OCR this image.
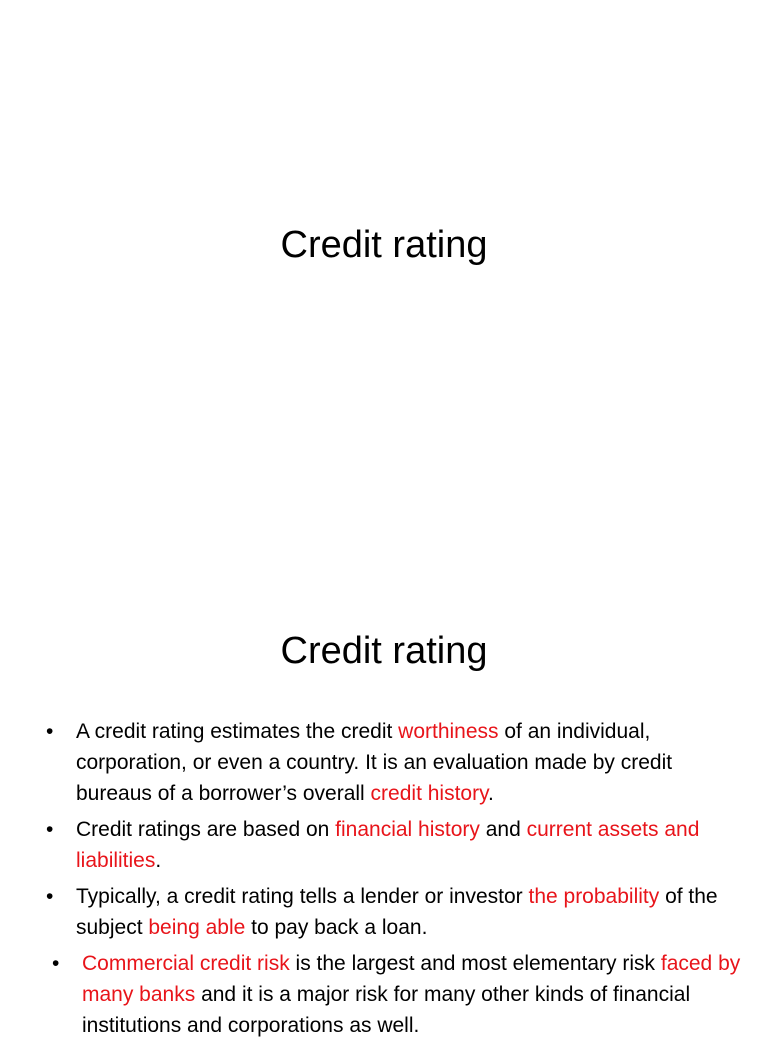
Credit rating
Credit rating
•	A credit rating estimates the credit worthiness of an individual, corporation, or even a country. It is an evaluation made by credit bureaus of a borrower’s overall credit history.
•	Credit ratings are based on financial history and current assets and liabilities.
•	Typically, a credit rating tells a lender or investor the probability of the subject being able to pay back a loan.
•	Commercial credit risk is the largest and most elementary risk faced by many banks and it is a major risk for many other kinds of financial institutions and corporations as well.
